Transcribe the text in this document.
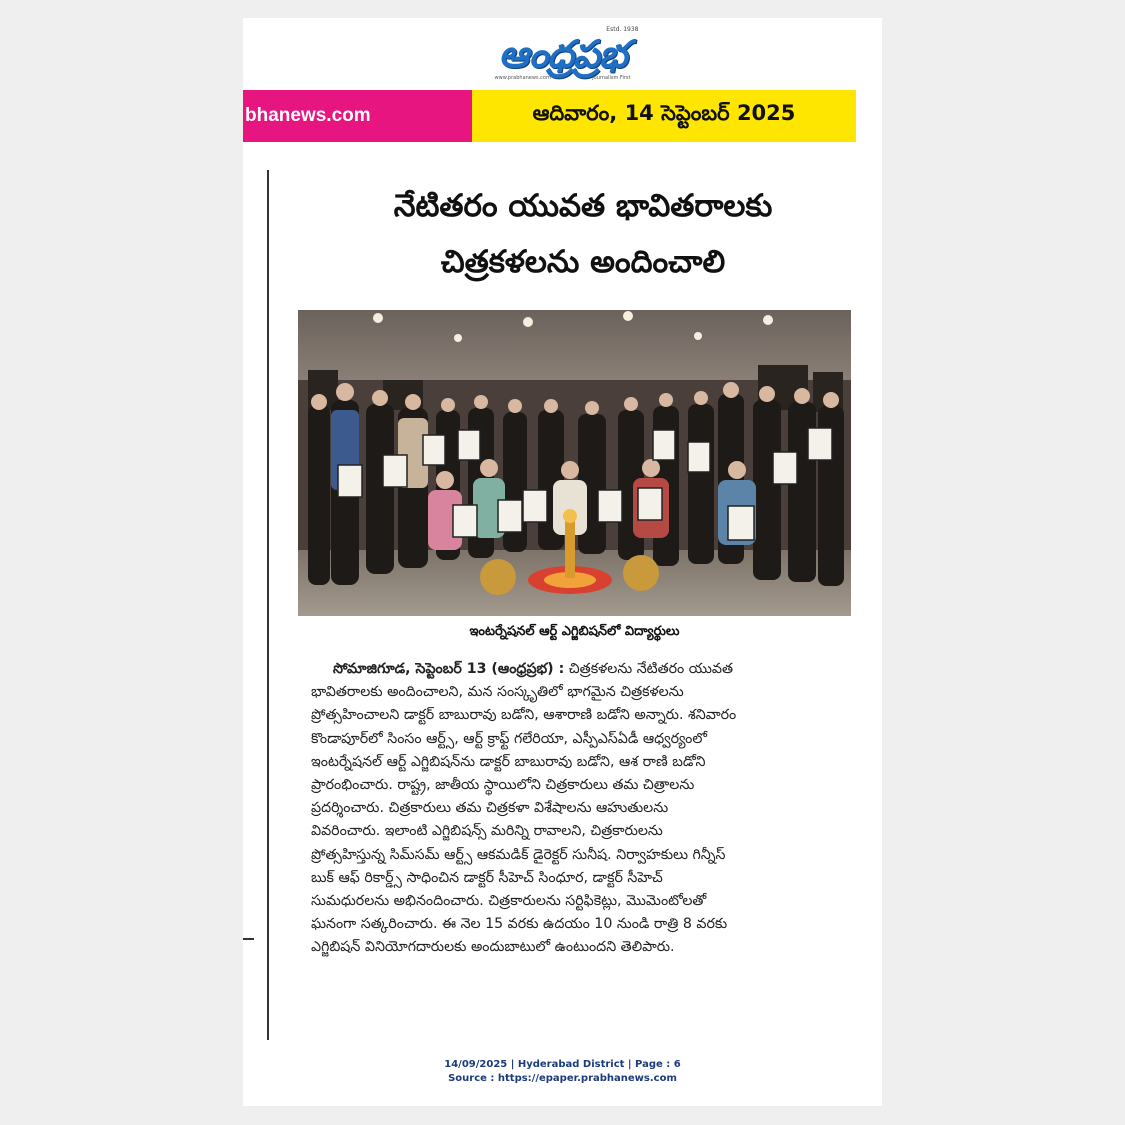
ఆంధ్రప్రభ
Estd. 1938
www.prabhanews.com	Journalism First
bhanews.com	ఆదివారం, 14 సెప్టెంబర్ 2025
నేటితరం యువత భావితరాలకు
చిత్రకళలను అందించాలి
ఇంటర్నేషనల్ ఆర్ట్ ఎగ్జిబిషన్‌లో విద్యార్థులు
సోమాజిగూడ, సెప్టెంబర్ 13 (ఆంధ్రప్రభ) : చిత్రకళలను నేటితరం యువత
భావితరాలకు అందించాలని, మన సంస్కృతిలో భాగమైన చిత్రకళలను
ప్రోత్సహించాలని డాక్టర్ బాబురావు బడోని, ఆశారాణి బడోని అన్నారు. శనివారం
కొండాపూర్‌లో సింసం ఆర్ట్స్, ఆర్ట్ క్రాఫ్ట్ గలేరియా, ఎస్పీఎస్ఏడీ ఆధ్వర్యంలో
ఇంటర్నేషనల్ ఆర్ట్ ఎగ్జిబిషన్‌ను డాక్టర్ బాబురావు బడోని, ఆశ రాణి బడోని
ప్రారంభించారు. రాష్ట్ర, జాతీయ స్థాయిలోని చిత్రకారులు తమ చిత్రాలను
ప్రదర్శించారు. చిత్రకారులు తమ చిత్రకళా విశేషాలను ఆహుతులను
వివరించారు. ఇలాంటి ఎగ్జిబిషన్స్ మరిన్ని రావాలని, చిత్రకారులను
ప్రోత్సహిస్తున్న సిమ్‌సమ్ ఆర్ట్స్ ఆకమడిక్ డైరెక్టర్ సునీష. నిర్వాహకులు గిన్నీస్
బుక్ ఆఫ్ రికార్డ్స్ సాధించిన డాక్టర్ సీహెచ్ సింధూర, డాక్టర్ సీహెచ్
సుమధురలను అభినందించారు. చిత్రకారులను సర్టిఫికెట్లు, మొమెంటోలతో
ఘనంగా సత్కరించారు. ఈ నెల 15 వరకు ఉదయం 10 నుండి రాత్రి 8 వరకు
ఎగ్జిబిషన్ వినియోగదారులకు అందుబాటులో ఉంటుందని తెలిపారు.
14/09/2025 | Hyderabad District | Page : 6
Source : https://epaper.prabhanews.com
